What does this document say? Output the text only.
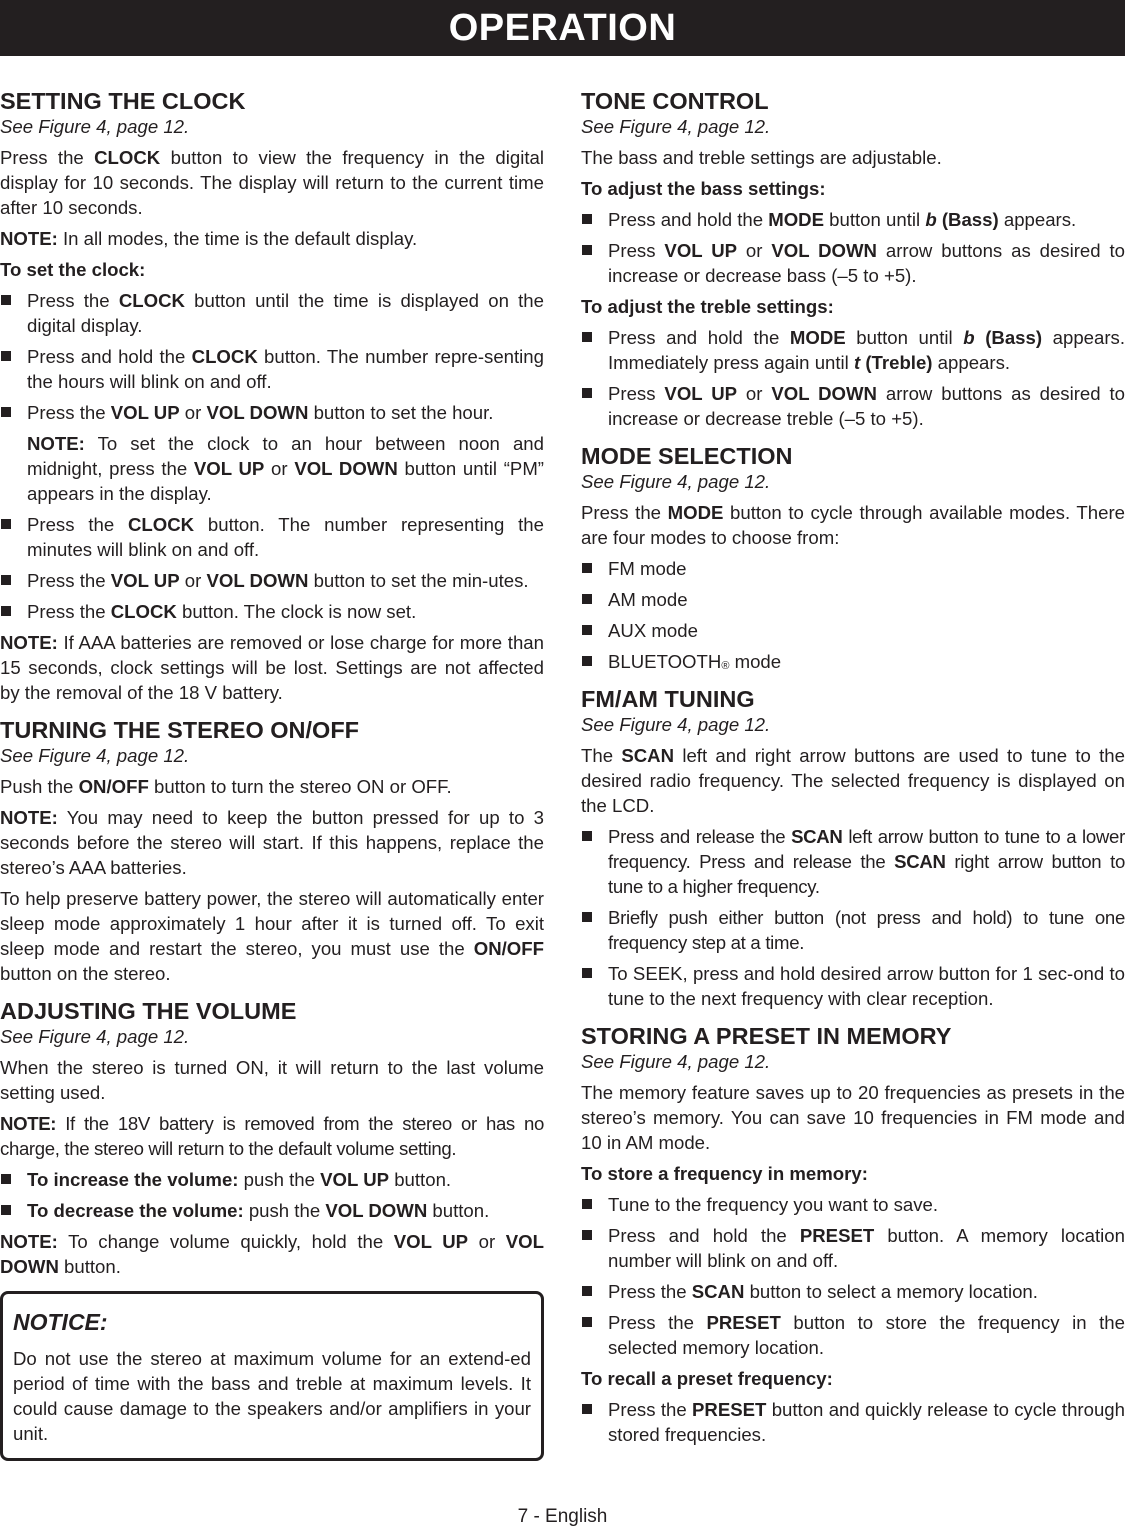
OPERATION
SETTING THE CLOCK
See Figure 4, page 12.

Press the CLOCK button to view the frequency in the digital display for 10 seconds. The display will return to the current time after 10 seconds.

NOTE: In all modes, the time is the default display.

To set the clock:
Press the CLOCK button until the time is displayed on the digital display.
Press and hold the CLOCK button. The number repre-senting the hours will blink on and off.
Press the VOL UP or VOL DOWN button to set the hour.
NOTE: To set the clock to an hour between noon and midnight, press the VOL UP or VOL DOWN button until “PM” appears in the display.
Press the CLOCK button. The number representing the minutes will blink on and off.
Press the VOL UP or VOL DOWN button to set the min-utes.
Press the CLOCK button. The clock is now set.

NOTE: If AAA batteries are removed or lose charge for more than 15 seconds, clock settings will be lost. Settings are not affected by the removal of the 18 V battery.

TURNING THE STEREO ON/OFF
See Figure 4, page 12.

Push the ON/OFF button to turn the stereo ON or OFF.

NOTE: You may need to keep the button pressed for up to 3 seconds before the stereo will start. If this happens, replace the stereo’s AAA batteries.

To help preserve battery power, the stereo will automatically enter sleep mode approximately 1 hour after it is turned off. To exit sleep mode and restart the stereo, you must use the ON/OFF button on the stereo.

ADJUSTING THE VOLUME
See Figure 4, page 12.

When the stereo is turned ON, it will return to the last volume setting used.

NOTE: If the 18V battery is removed from the stereo or has no charge, the stereo will return to the default volume setting.

To increase the volume: push the VOL UP button.
To decrease the volume: push the VOL DOWN button.

NOTE: To change volume quickly, hold the VOL UP or VOL DOWN button.

NOTICE:

Do not use the stereo at maximum volume for an extend-ed period of time with the bass and treble at maximum levels. It could cause damage to the speakers and/or amplifiers in your unit.

TONE CONTROL
See Figure 4, page 12.

The bass and treble settings are adjustable.

To adjust the bass settings:
Press and hold the MODE button until b (Bass) appears.
Press VOL UP or VOL DOWN arrow buttons as desired to increase or decrease bass (–5 to +5).
To adjust the treble settings:
Press and hold the MODE button until b (Bass) appears. Immediately press again until t (Treble) appears.
Press VOL UP or VOL DOWN arrow buttons as desired to increase or decrease treble (–5 to +5).
MODE SELECTION
See Figure 4, page 12.

Press the MODE button to cycle through available modes. There are four modes to choose from:

FM mode
AM mode
AUX mode
BLUETOOTH® mode
FM/AM TUNING
See Figure 4, page 12.

The SCAN left and right arrow buttons are used to tune to the desired radio frequency. The selected frequency is displayed on the LCD.

Press and release the SCAN left arrow button to tune to a lower frequency. Press and release the SCAN right arrow button to tune to a higher frequency.
Briefly push either button (not press and hold) to tune one frequency step at a time.
To SEEK, press and hold desired arrow button for 1 sec-ond to tune to the next frequency with clear reception.
STORING A PRESET IN MEMORY
See Figure 4, page 12.

The memory feature saves up to 20 frequencies as presets in the stereo’s memory. You can save 10 frequencies in FM mode and 10 in AM mode.

To store a frequency in memory:
Tune to the frequency you want to save.
Press and hold the PRESET button. A memory location number will blink on and off.
Press the SCAN button to select a memory location.
Press the PRESET button to store the frequency in the selected memory location.
To recall a preset frequency:
Press the PRESET button and quickly release to cycle through stored frequencies.
7 - English
